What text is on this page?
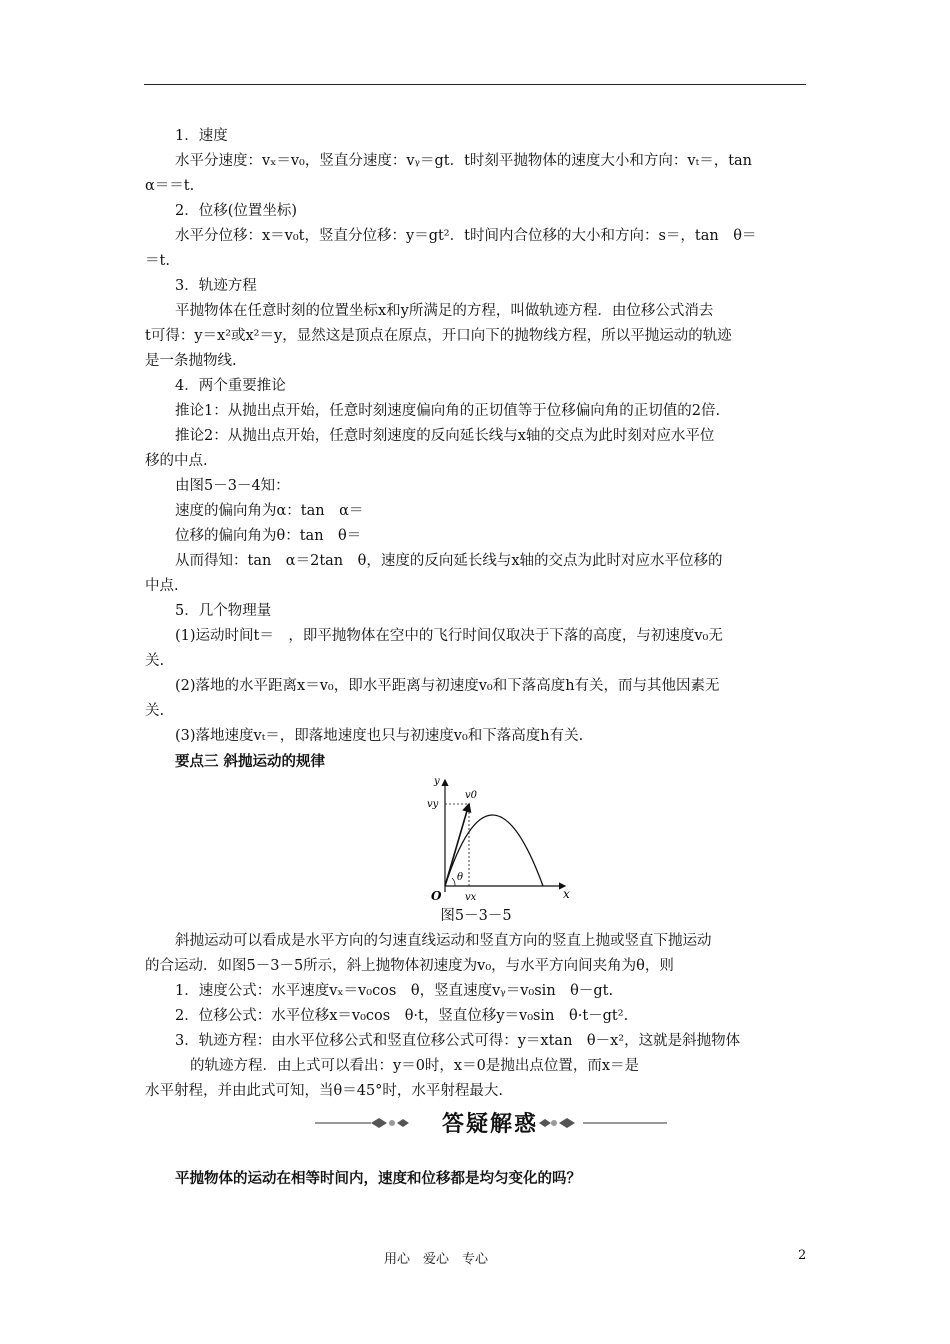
1．速度

水平分速度：vₓ＝v₀，竖直分速度：vᵧ＝gt．t时刻平抛物体的速度大小和方向：vₜ＝，tan

α＝＝t.

2．位移(位置坐标)

水平分位移：x＝v₀t，竖直分位移：y＝gt²．t时间内合位移的大小和方向：s＝，tan　θ＝

＝t.

3．轨迹方程

平抛物体在任意时刻的位置坐标x和y所满足的方程，叫做轨迹方程．由位移公式消去

t可得：y＝x²或x²＝y，显然这是顶点在原点，开口向下的抛物线方程，所以平抛运动的轨迹

是一条抛物线.

4．两个重要推论

推论1：从抛出点开始，任意时刻速度偏向角的正切值等于位移偏向角的正切值的2倍.

推论2：从抛出点开始，任意时刻速度的反向延长线与x轴的交点为此时刻对应水平位

移的中点.

由图5－3－4知：

速度的偏向角为α：tan　α＝

位移的偏向角为θ：tan　θ＝

从而得知：tan　α＝2tan　θ，速度的反向延长线与x轴的交点为此时对应水平位移的

中点.

5．几个物理量

(1)运动时间t＝　，即平抛物体在空中的飞行时间仅取决于下落的高度，与初速度v₀无

关.

(2)落地的水平距离x＝v₀，即水平距离与初速度v₀和下落高度h有关，而与其他因素无

关.

(3)落地速度vₜ＝，即落地速度也只与初速度v₀和下落高度h有关.

要点三 斜抛运动的规律

y
vy
v0
θ
O vx	x

图5－3－5

斜抛运动可以看成是水平方向的匀速直线运动和竖直方向的竖直上抛或竖直下抛运动

的合运动．如图5－3－5所示，斜上抛物体初速度为v₀，与水平方向间夹角为θ，则

1．速度公式：水平速度vₓ＝v₀cos　θ，竖直速度vᵧ＝v₀sin　θ－gt.

2．位移公式：水平位移x＝v₀cos　θ·t，竖直位移y＝v₀sin　θ·t－gt².

3．轨迹方程：由水平位移公式和竖直位移公式可得：y＝xtan　θ－x²，这就是斜抛物体

的轨迹方程．由上式可以看出：y＝0时，x＝0是抛出点位置，而x＝是

水平射程，并由此式可知，当θ＝45°时，水平射程最大.

答疑解惑

平抛物体的运动在相等时间内，速度和位移都是均匀变化的吗？

用心　爱心　专心	2
